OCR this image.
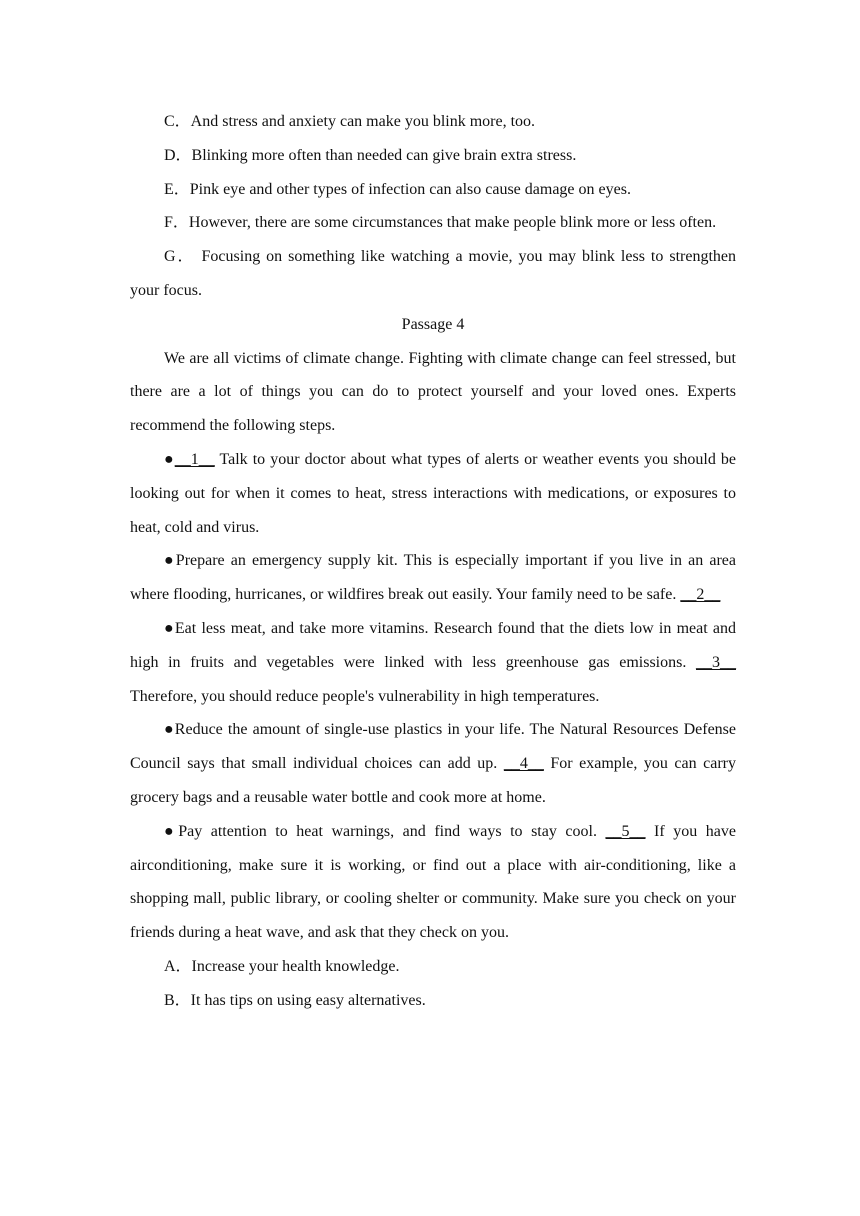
C．And stress and anxiety can make you blink more, too.

D．Blinking more often than needed can give brain extra stress.

E．Pink eye and other types of infection can also cause damage on eyes.

F．However, there are some circumstances that make people blink more or less often.

G． Focusing on something like watching a movie, you may blink less to strengthen your focus.

Passage 4

We are all victims of climate change. Fighting with climate change can feel stressed, but there are a lot of things you can do to protect yourself and your loved ones. Experts recommend the following steps.

●__1__ Talk to your doctor about what types of alerts or weather events you should be looking out for when it comes to heat, stress interactions with medications, or exposures to heat, cold and virus.

●Prepare an emergency supply kit. This is especially important if you live in an area where flooding, hurricanes, or wildfires break out easily. Your family need to be safe. __2__

●Eat less meat, and take more vitamins. Research found that the diets low in meat and high in fruits and vegetables were linked with less greenhouse gas emissions. __3__ Therefore, you should reduce people's vulnerability in high temperatures.

●Reduce the amount of single-use plastics in your life. The Natural Resources Defense Council says that small individual choices can add up. __4__ For example, you can carry grocery bags and a reusable water bottle and cook more at home.

●Pay attention to heat warnings, and find ways to stay cool. __5__ If you have airconditioning, make sure it is working, or find out a place with air-conditioning, like a shopping mall, public library, or cooling shelter or community. Make sure you check on your friends during a heat wave, and ask that they check on you.

A．Increase your health knowledge.

B．It has tips on using easy alternatives.
